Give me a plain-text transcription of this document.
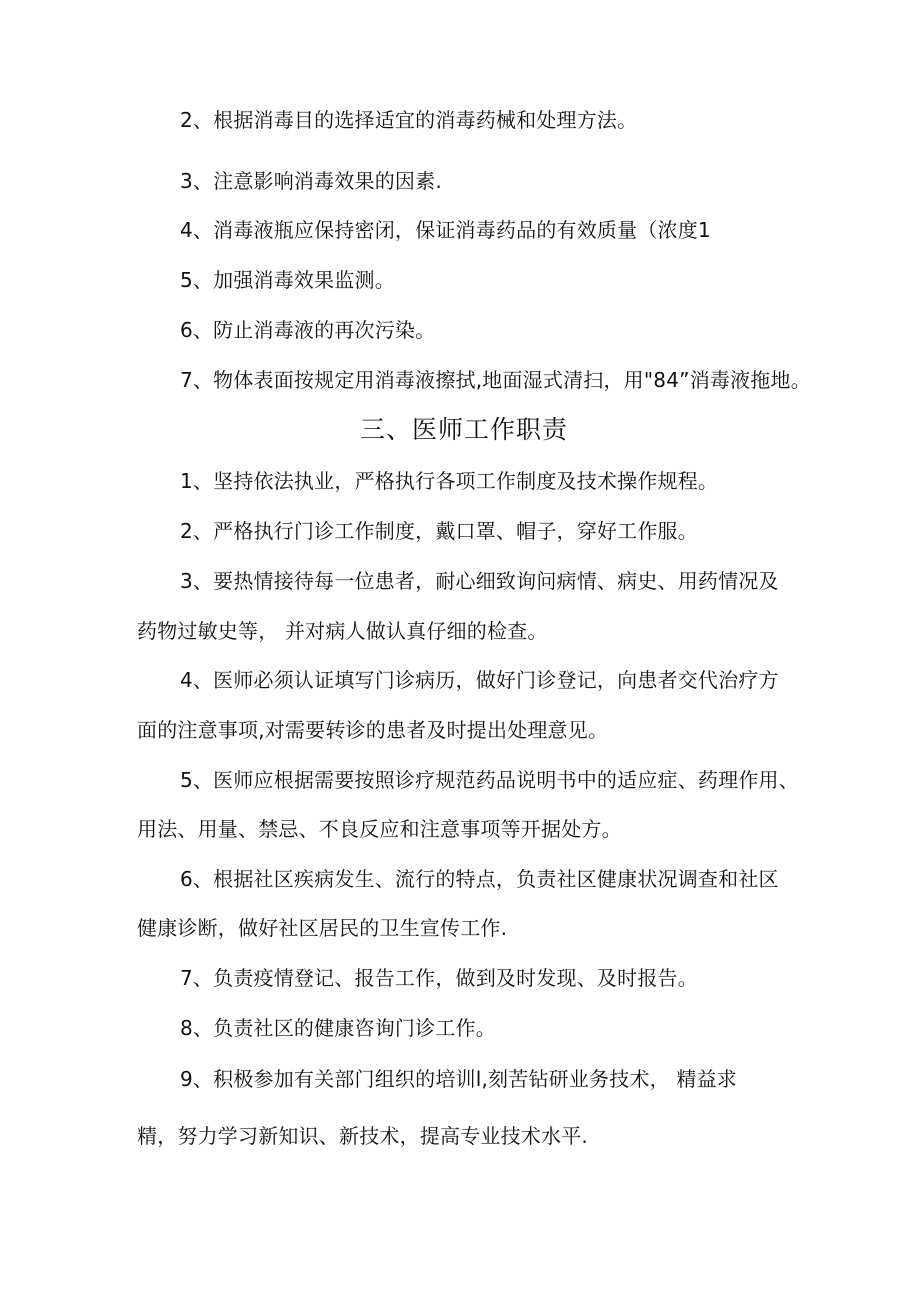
2、根据消毒目的选择适宜的消毒药械和处理方法。
3、注意影响消毒效果的因素.
4、消毒液瓶应保持密闭，保证消毒药品的有效质量（浓度1
5、加强消毒效果监测。
6、防止消毒液的再次污染。
7、物体表面按规定用消毒液擦拭,地面湿式清扫，用"84”消毒液拖地。
三、医师工作职责
1、坚持依法执业，严格执行各项工作制度及技术操作规程。
2、严格执行门诊工作制度，戴口罩、帽子，穿好工作服。
3、要热情接待每一位患者，耐心细致询问病情、病史、用药情况及
药物过敏史等， 并对病人做认真仔细的检查。
4、医师必须认证填写门诊病历，做好门诊登记，向患者交代治疗方
面的注意事项,对需要转诊的患者及时提出处理意见。
5、医师应根据需要按照诊疗规范药品说明书中的适应症、药理作用、
用法、用量、禁忌、不良反应和注意事项等开据处方。
6、根据社区疾病发生、流行的特点，负责社区健康状况调查和社区
健康诊断，做好社区居民的卫生宣传工作.
7、负责疫情登记、报告工作，做到及时发现、及时报告。
8、负责社区的健康咨询门诊工作。
9、积极参加有关部门组织的培训l,刻苦钻研业务技术， 精益求
精，努力学习新知识、新技术，提高专业技术水平.
